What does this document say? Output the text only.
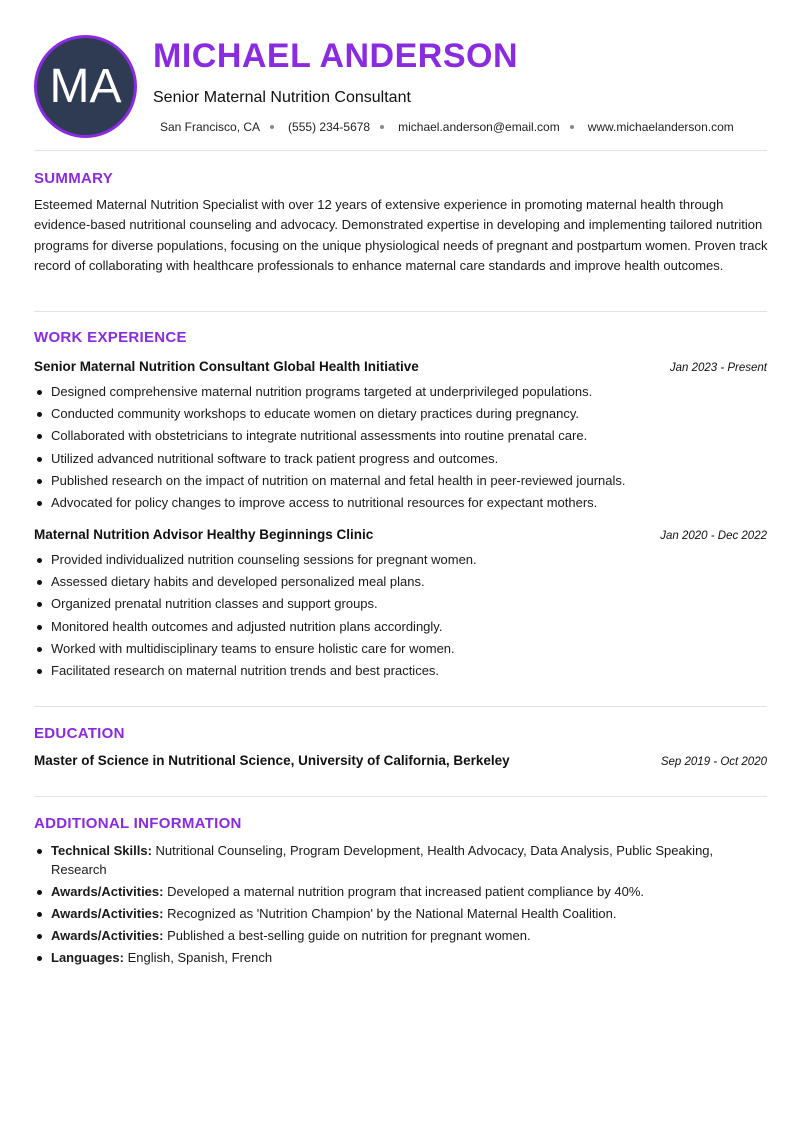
MA
MICHAEL ANDERSON
Senior Maternal Nutrition Consultant
San Francisco, CA (555) 234-5678 michael.anderson@email.com www.michaelanderson.com
SUMMARY
Esteemed Maternal Nutrition Specialist with over 12 years of extensive experience in promoting maternal health through evidence-based nutritional counseling and advocacy. Demonstrated expertise in developing and implementing tailored nutrition programs for diverse populations, focusing on the unique physiological needs of pregnant and postpartum women. Proven track record of collaborating with healthcare professionals to enhance maternal care standards and improve health outcomes.
WORK EXPERIENCE
Senior Maternal Nutrition Consultant Global Health Initiative	Jan 2023 - Present
Designed comprehensive maternal nutrition programs targeted at underprivileged populations.
Conducted community workshops to educate women on dietary practices during pregnancy.
Collaborated with obstetricians to integrate nutritional assessments into routine prenatal care.
Utilized advanced nutritional software to track patient progress and outcomes.
Published research on the impact of nutrition on maternal and fetal health in peer-reviewed journals.
Advocated for policy changes to improve access to nutritional resources for expectant mothers.
Maternal Nutrition Advisor Healthy Beginnings Clinic	Jan 2020 - Dec 2022
Provided individualized nutrition counseling sessions for pregnant women.
Assessed dietary habits and developed personalized meal plans.
Organized prenatal nutrition classes and support groups.
Monitored health outcomes and adjusted nutrition plans accordingly.
Worked with multidisciplinary teams to ensure holistic care for women.
Facilitated research on maternal nutrition trends and best practices.
EDUCATION
Master of Science in Nutritional Science, University of California, Berkeley	Sep 2019 - Oct 2020
ADDITIONAL INFORMATION
Technical Skills: Nutritional Counseling, Program Development, Health Advocacy, Data Analysis, Public Speaking, Research
Awards/Activities: Developed a maternal nutrition program that increased patient compliance by 40%.
Awards/Activities: Recognized as 'Nutrition Champion' by the National Maternal Health Coalition.
Awards/Activities: Published a best-selling guide on nutrition for pregnant women.
Languages: English, Spanish, French
